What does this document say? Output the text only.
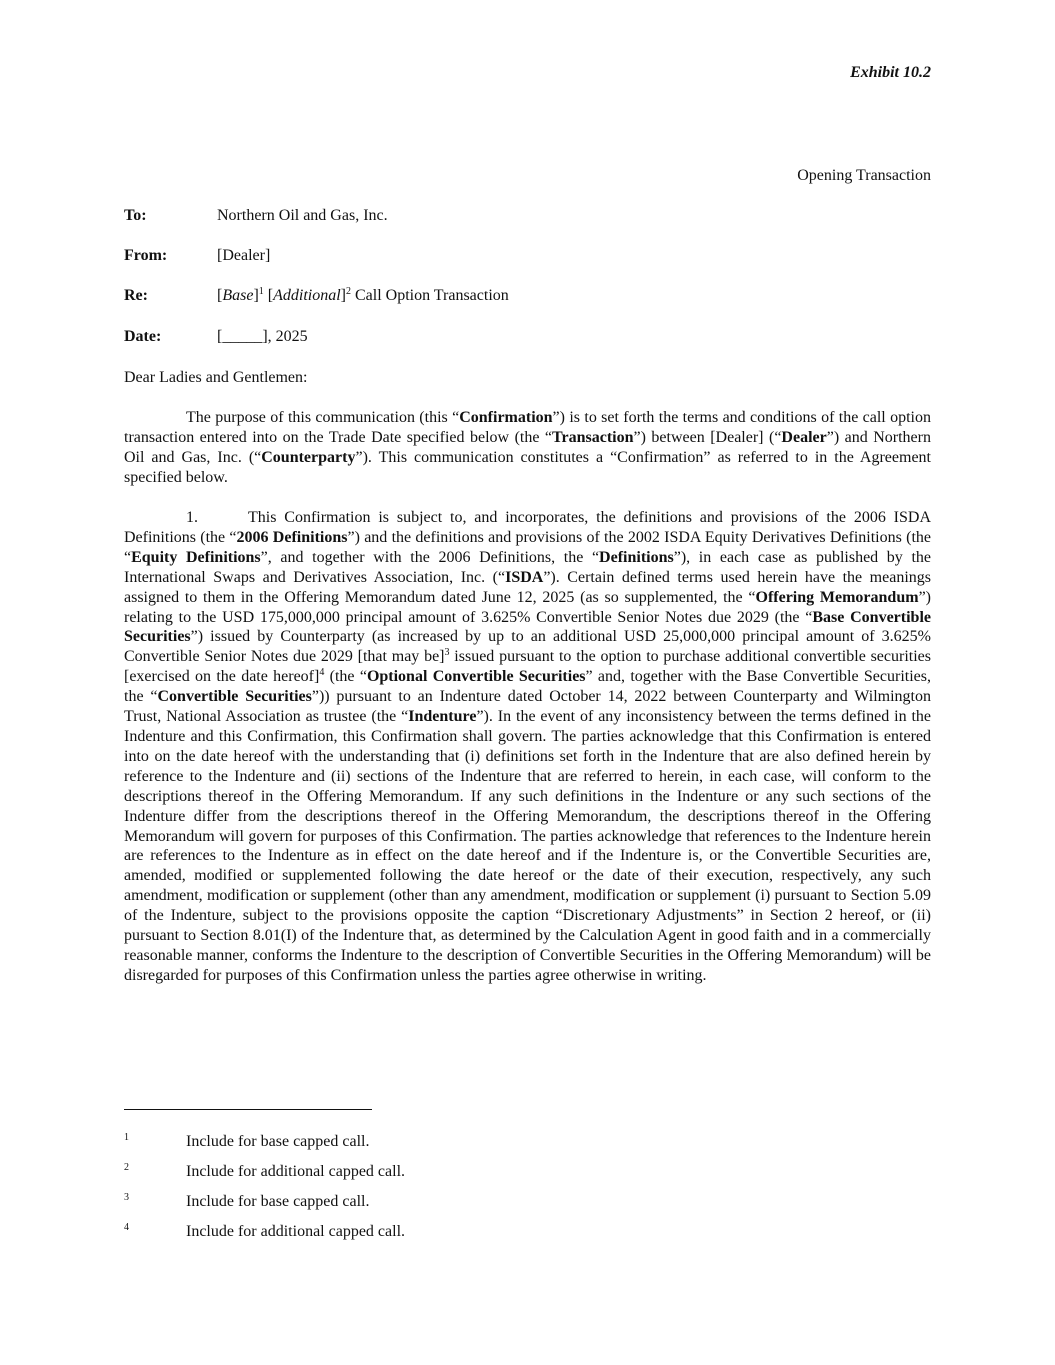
Exhibit 10.2
Opening Transaction
To:	Northern Oil and Gas, Inc.
From:	[Dealer]
Re:	[Base]$^1$ [Additional]$^2$ Call Option Transaction
Date:	[_____], 2025
Dear Ladies and Gentlemen:

The purpose of this communication (this “Confirmation”) is to set forth the terms and conditions of the call option transaction entered into on the Trade Date specified below (the “Transaction”) between [Dealer] (“Dealer”) and Northern Oil and Gas, Inc. (“Counterparty”). This communication constitutes a “Confirmation” as referred to in the Agreement specified below.

1.	This Confirmation is subject to, and incorporates, the definitions and provisions of the 2006 ISDA Definitions (the “2006 Definitions”) and the definitions and provisions of the 2002 ISDA Equity Derivatives Definitions (the “Equity Definitions”, and together with the 2006 Definitions, the “Definitions”), in each case as published by the International Swaps and Derivatives Association, Inc. (“ISDA”). Certain defined terms used herein have the meanings assigned to them in the Offering Memorandum dated June 12, 2025 (as so supplemented, the “Offering Memorandum”) relating to the USD 175,000,000 principal amount of 3.625% Convertible Senior Notes due 2029 (the “Base Convertible Securities”) issued by Counterparty (as increased by up to an additional USD 25,000,000 principal amount of 3.625% Convertible Senior Notes due 2029 [that may be]$^3$ issued pursuant to the option to purchase additional convertible securities [exercised on the date hereof]$^4$ (the “Optional Convertible Securities” and, together with the Base Convertible Securities, the “Convertible Securities”)) pursuant to an Indenture dated October 14, 2022 between Counterparty and Wilmington Trust, National Association as trustee (the “Indenture”). In the event of any inconsistency between the terms defined in the Indenture and this Confirmation, this Confirmation shall govern. The parties acknowledge that this Confirmation is entered into on the date hereof with the understanding that (i) definitions set forth in the Indenture that are also defined herein by reference to the Indenture and (ii) sections of the Indenture that are referred to herein, in each case, will conform to the descriptions thereof in the Offering Memorandum. If any such definitions in the Indenture or any such sections of the Indenture differ from the descriptions thereof in the Offering Memorandum, the descriptions thereof in the Offering Memorandum will govern for purposes of this Confirmation. The parties acknowledge that references to the Indenture herein are references to the Indenture as in effect on the date hereof and if the Indenture is, or the Convertible Securities are, amended, modified or supplemented following the date hereof or the date of their execution, respectively, any such amendment, modification or supplement (other than any amendment, modification or supplement (i) pursuant to Section 5.09 of the Indenture, subject to the provisions opposite the caption “Discretionary Adjustments” in Section 2 hereof, or (ii) pursuant to Section 8.01(I) of the Indenture that, as determined by the Calculation Agent in good faith and in a commercially reasonable manner, conforms the Indenture to the description of Convertible Securities in the Offering Memorandum) will be disregarded for purposes of this Confirmation unless the parties agree otherwise in writing.

1	Include for base capped call.
2	Include for additional capped call.
3	Include for base capped call.
4	Include for additional capped call.
